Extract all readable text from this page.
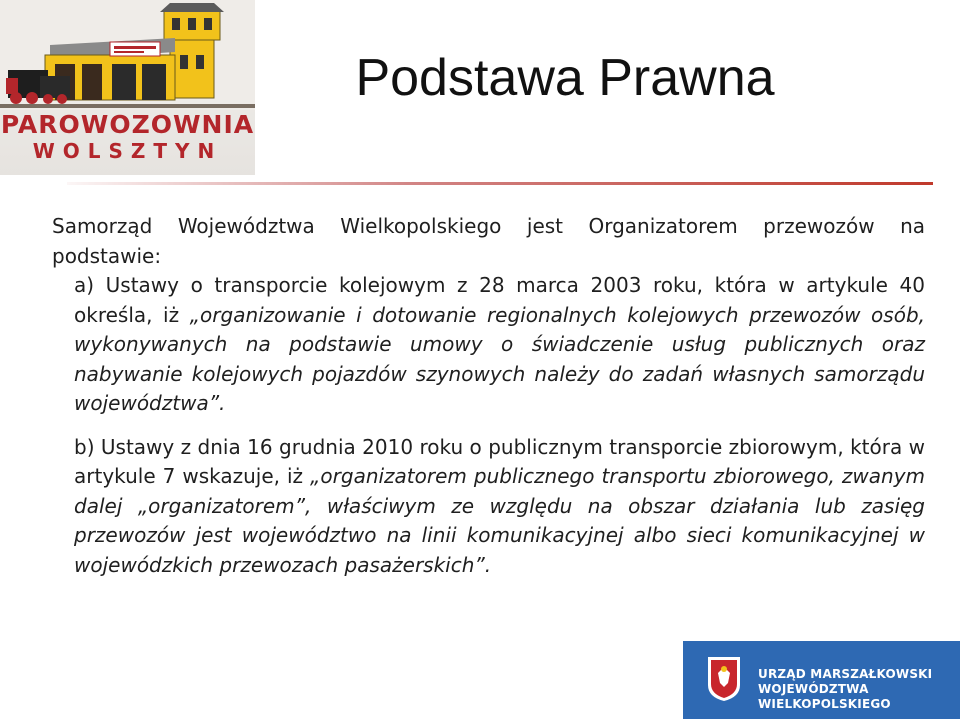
PAROWOZOWNIA
WOLSZTYN
Podstawa Prawna

Samorząd Województwa Wielkopolskiego jest Organizatorem przewozów na podstawie:

a) Ustawy o transporcie kolejowym z 28 marca 2003 roku, która w artykule 40 określa, iż „organizowanie i dotowanie regionalnych kolejowych przewozów osób, wykonywanych na podstawie umowy o świadczenie usług publicznych oraz nabywanie kolejowych pojazdów szynowych należy do zadań własnych samorządu województwa”.

b) Ustawy z dnia 16 grudnia 2010 roku o publicznym transporcie zbiorowym, która w artykule 7 wskazuje, iż „organizatorem publicznego transportu zbiorowego, zwanym dalej „organizatorem”, właściwym ze względu na obszar działania lub zasięg przewozów jest województwo na linii komunikacyjnej albo sieci komunikacyjnej w wojewódzkich przewozach pasażerskich”.

URZĄD MARSZAŁKOWSKI
WOJEWÓDZTWA WIELKOPOLSKIEGO
